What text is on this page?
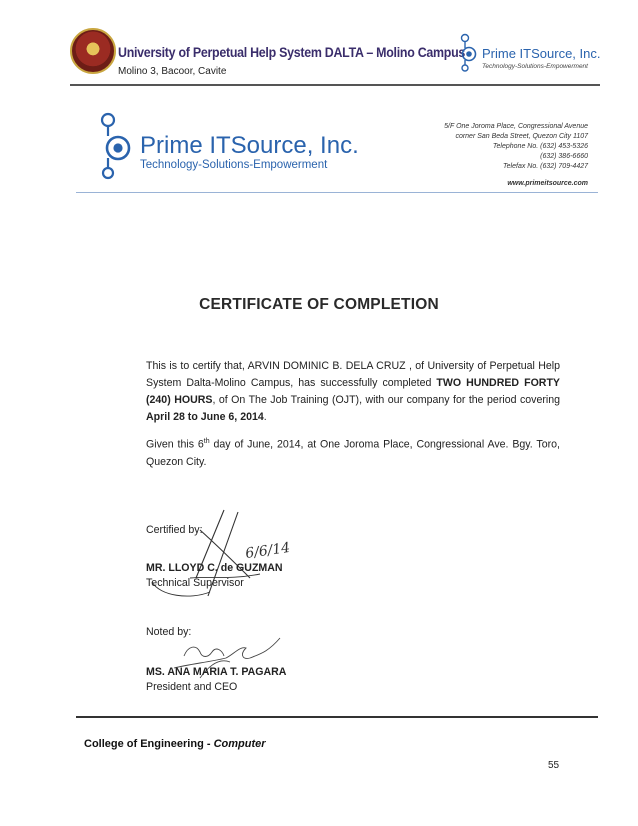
University of Perpetual Help System DALTA – Molino Campus
Molino 3, Bacoor, Cavite
Prime ITSource, Inc.
Technology-Solutions-Empowerment
Prime ITSource, Inc.
Technology-Solutions-Empowerment
5/F One Joroma Place, Congressional Avenue
corner San Beda Street, Quezon City 1107
Telephone No. (632) 453-5326
(632) 386-6660
Telefax No. (632) 709-4427
www.primeitsource.com
CERTIFICATE OF COMPLETION
This is to certify that, ARVIN DOMINIC B. DELA CRUZ , of University of Perpetual Help System Dalta-Molino Campus, has successfully completed TWO HUNDRED FORTY (240) HOURS, of On The Job Training (OJT), with our company for the period covering April 28 to June 6, 2014.
Given this 6th day of June, 2014, at One Joroma Place, Congressional Ave. Bgy. Toro, Quezon City.
Certified by:
6/6/14
MR. LLOYD C. de GUZMAN
Technical Supervisor
Noted by:
MS. ANA MARIA T. PAGARA
President and CEO
College of Engineering - Computer
55
